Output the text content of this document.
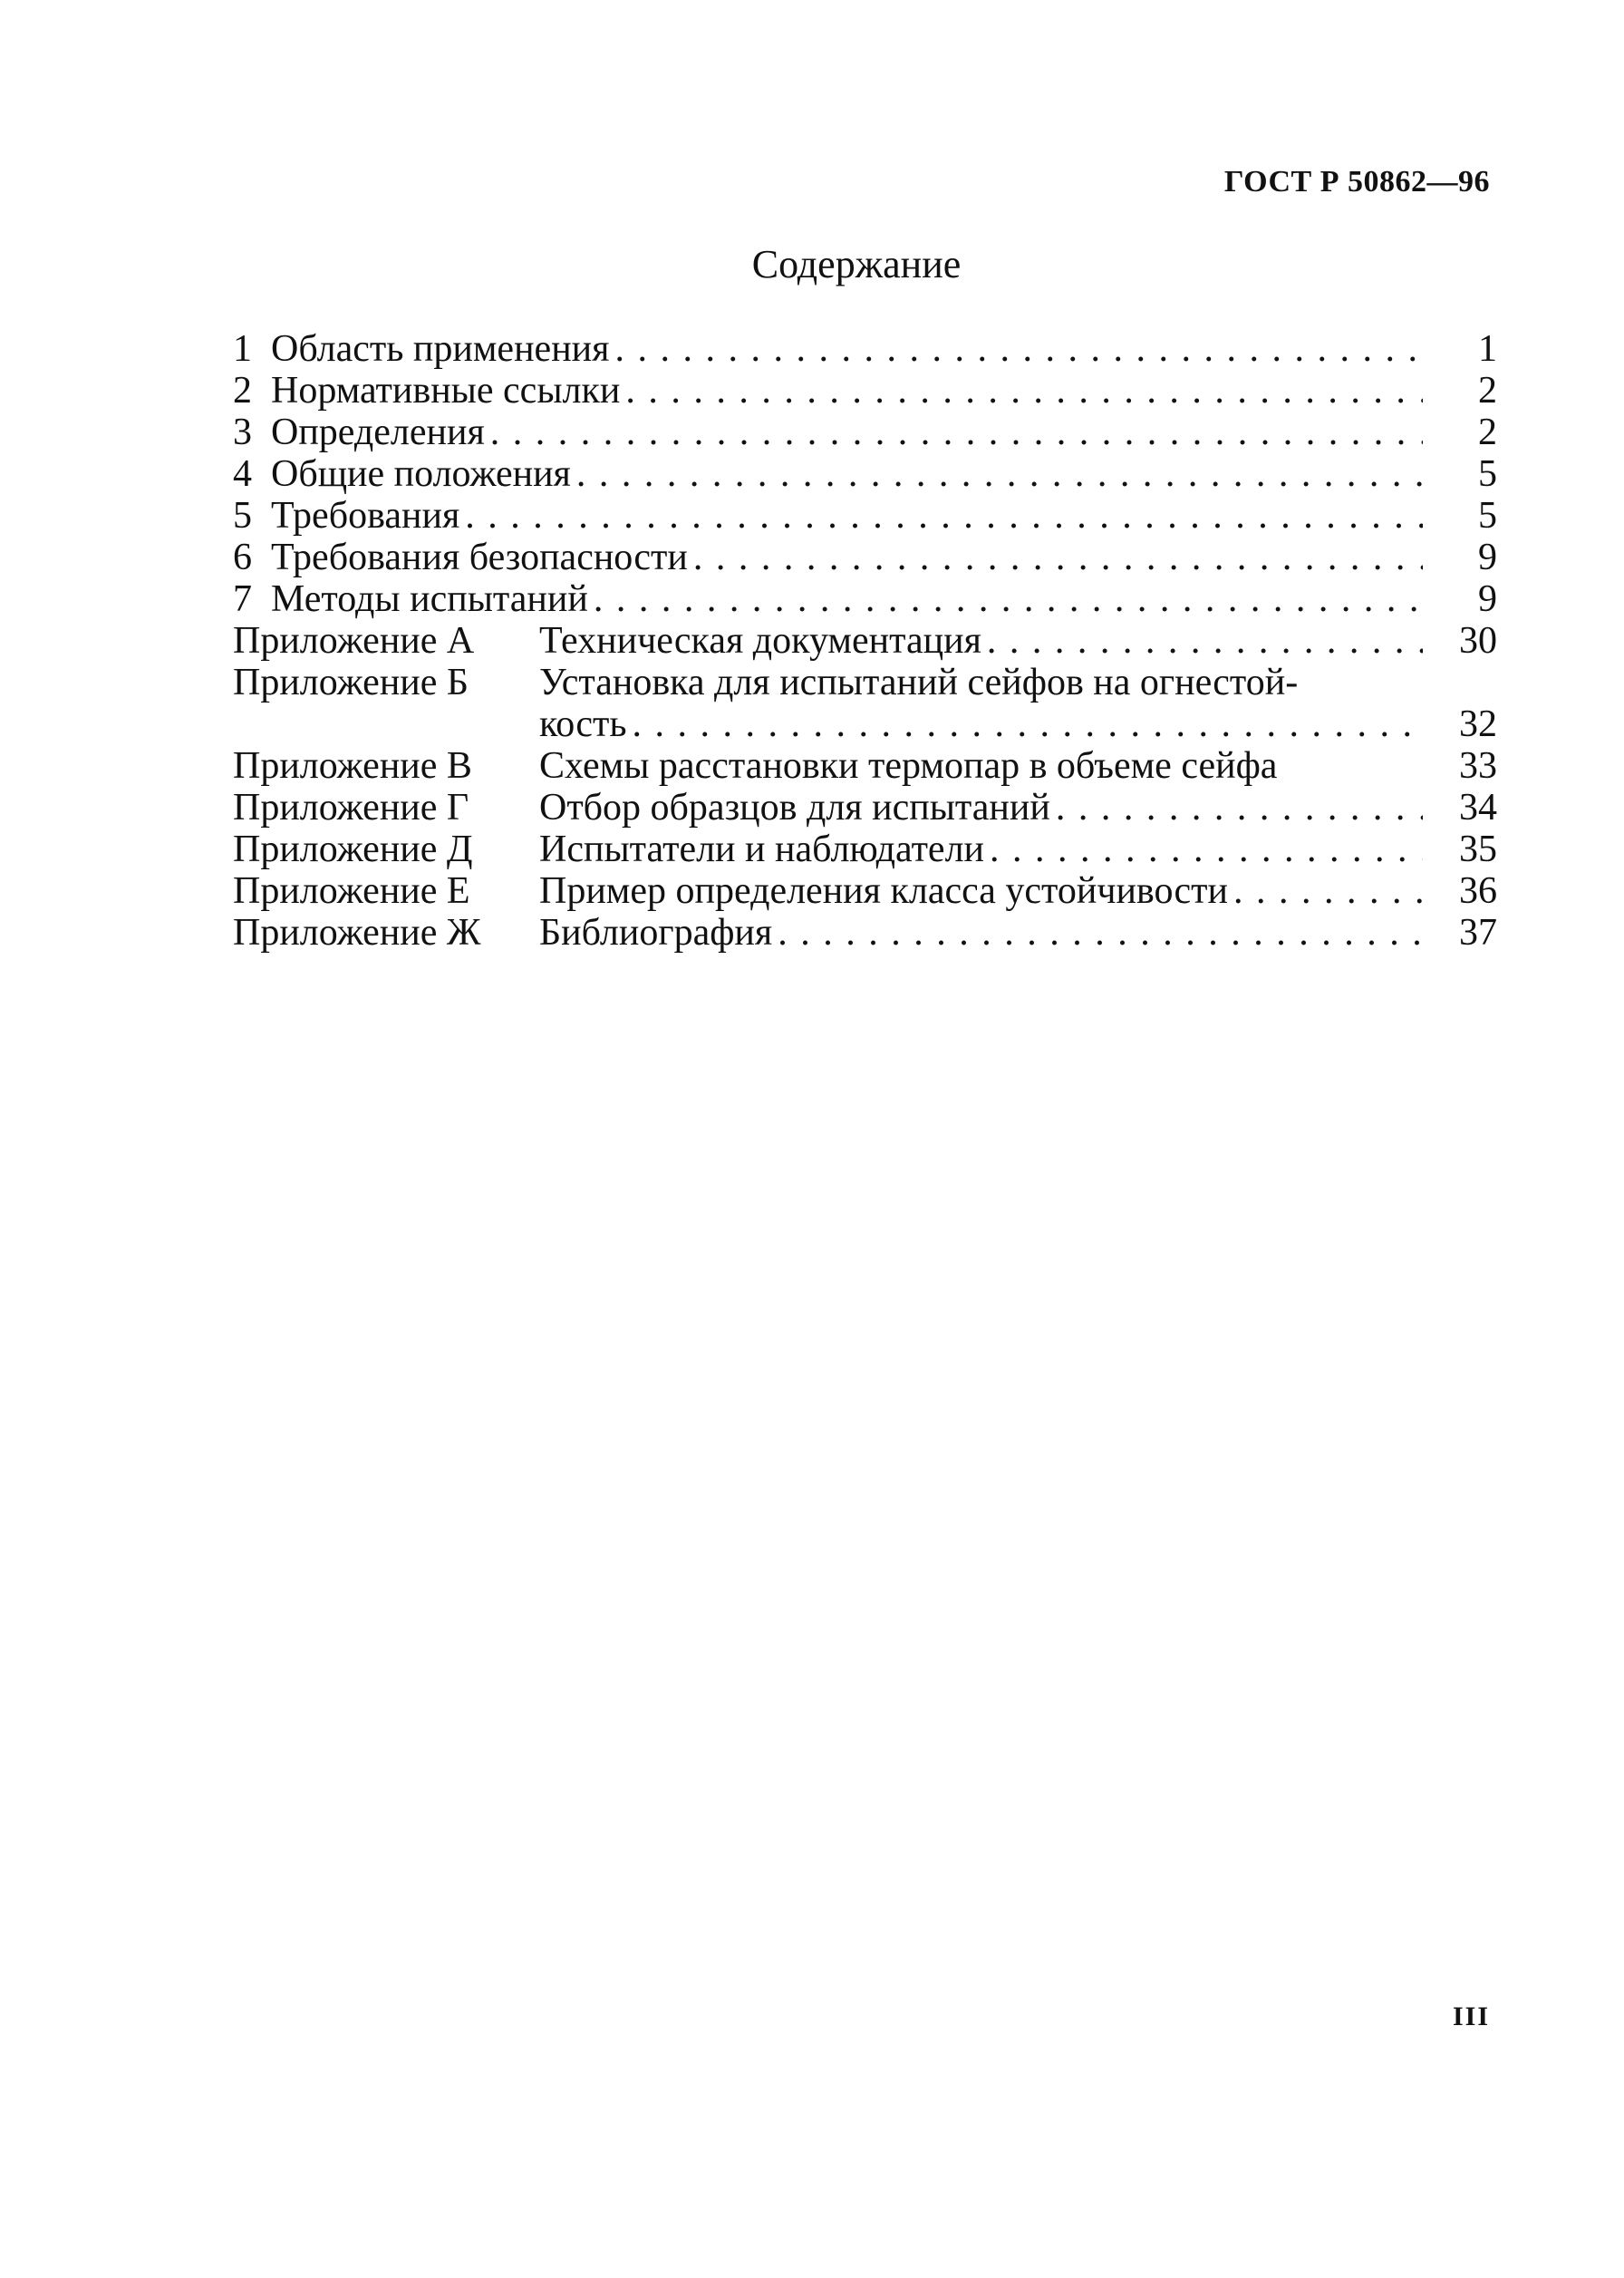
ГОСТ Р 50862—96
Содержание
1 Область применения . . .	1
2 Нормативные ссылки . . .	2
3 Определения . . .	2
4 Общие положения . . .	5
5 Требования . . .	5
6 Требования безопасности . . .	9
7 Методы испытаний . . .	9
Приложение А	Техническая документация . . .	30
Приложение Б	Установка для испытаний сейфов на огнестой-
кость . . .	32
Приложение В	Схемы расстановки термопар в объеме сейфа	33
Приложение Г	Отбор образцов для испытаний . . .	34
Приложение Д	Испытатели и наблюдатели . . .	35
Приложение Е	Пример определения класса устойчивости . . .	36
Приложение Ж	Библиография . . .	37
III
